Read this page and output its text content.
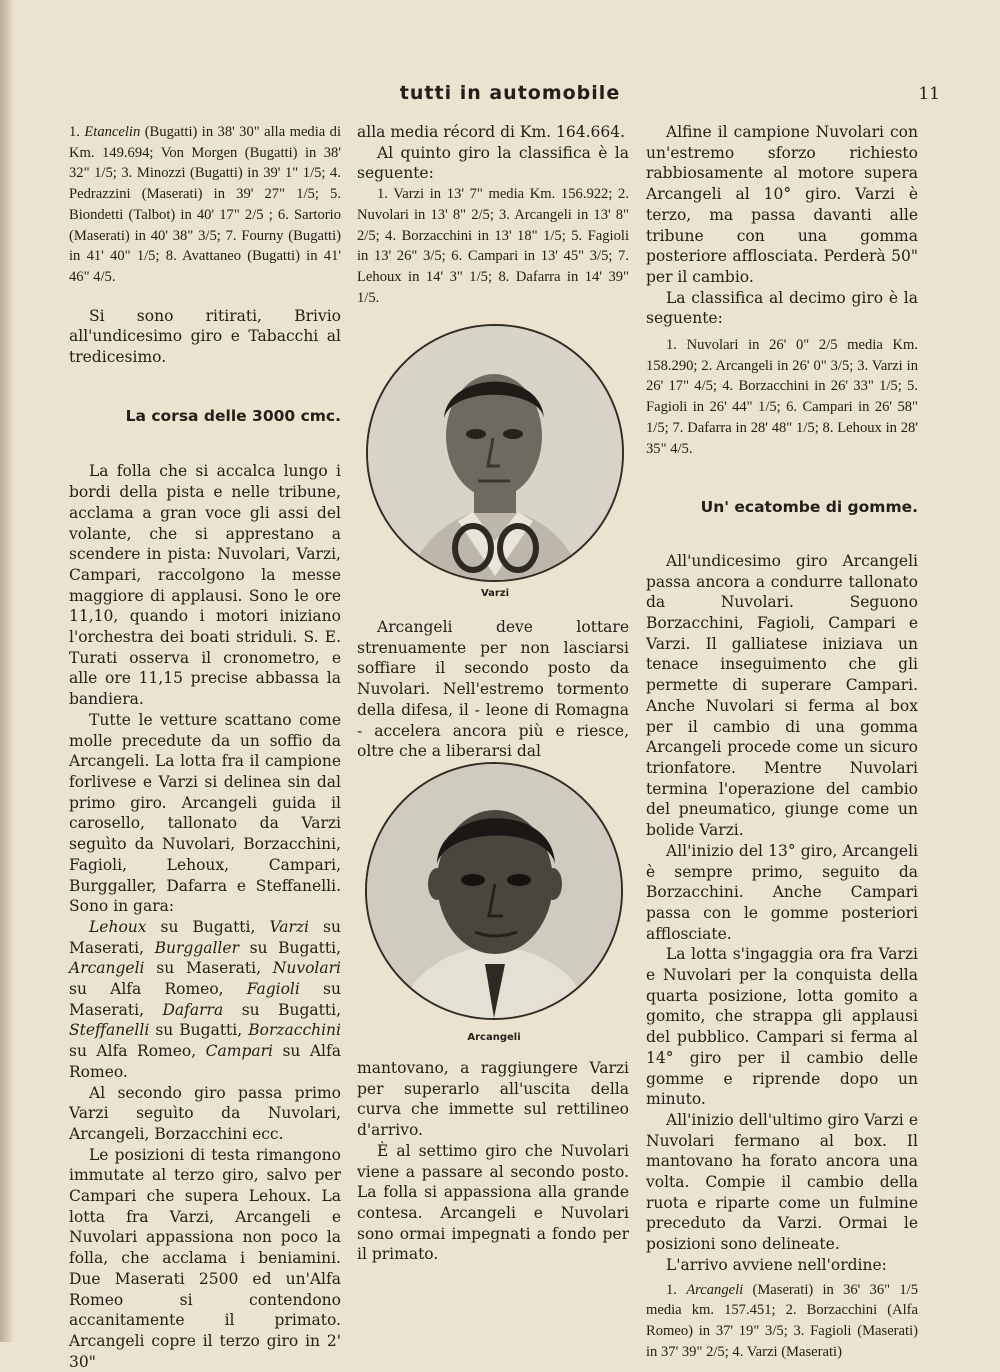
tutti in automobile	11

1. Etancelin (Bugatti) in 38' 30" alla media di Km. 149.694; Von Morgen (Bugatti) in 38' 32" 1/5; 3. Minozzi (Bugatti) in 39' 1" 1/5; 4. Pedrazzini (Maserati) in 39' 27" 1/5; 5. Biondetti (Talbot) in 40' 17" 2/5 ; 6. Sartorio (Maserati) in 40' 38" 3/5; 7. Fourny (Bugatti) in 41' 40" 1/5; 8. Avattaneo (Bugatti) in 41' 46" 4/5.

Si sono ritirati, Brivio all'undicesimo giro e Tabacchi al tredicesimo.

La corsa delle 3000 cmc.

La folla che si accalca lungo i bordi della pista e nelle tribune, acclama a gran voce gli assi del volante, che si apprestano a scendere in pista: Nuvolari, Varzi, Campari, raccolgono la messe maggiore di applausi. Sono le ore 11,10, quando i motori iniziano l'orchestra dei boati striduli. S. E. Turati osserva il cronometro, e alle ore 11,15 precise abbassa la bandiera.

Tutte le vetture scattano come molle precedute da un soffio da Arcangeli. La lotta fra il campione forlivese e Varzi si delinea sin dal primo giro. Arcangeli guida il carosello, tallonato da Varzi seguìto da Nuvolari, Borzacchini, Fagioli, Lehoux, Campari, Burggaller, Dafarra e Steffanelli. Sono in gara:

Lehoux su Bugatti, Varzi su Maserati, Burggaller su Bugatti, Arcangeli su Maserati, Nuvolari su Alfa Romeo, Fagioli su Maserati, Dafarra su Bugatti, Steffanelli su Bugatti, Borzacchini su Alfa Romeo, Campari su Alfa Romeo.

Al secondo giro passa primo Varzi seguìto da Nuvolari, Arcangeli, Borzacchini ecc.

Le posizioni di testa rimangono immutate al terzo giro, salvo per Campari che supera Lehoux. La lotta fra Varzi, Arcangeli e Nuvolari appassiona non poco la folla, che acclama i beniamini. Due Maserati 2500 ed un'Alfa Romeo si contendono accanitamente il primato. Arcangeli copre il terzo giro in 2' 30"

alla media récord di Km. 164.664.

Al quinto giro la classifica è la seguente:

1. Varzi in 13' 7" media Km. 156.922; 2. Nuvolari in 13' 8" 2/5; 3. Arcangeli in 13' 8" 2/5; 4. Borzacchini in 13' 18" 1/5; 5. Fagioli in 13' 26" 3/5; 6. Campari in 13' 45" 3/5; 7. Lehoux in 14' 3" 1/5; 8. Dafarra in 14' 39" 1/5.

Varzi

Arcangeli deve lottare strenuamente per non lasciarsi soffiare il secondo posto da Nuvolari. Nell'estremo tormento della difesa, il - leone di Romagna - accelera ancora più e riesce, oltre che a liberarsi dal

Arcangeli

mantovano, a raggiungere Varzi per superarlo all'uscita della curva che immette sul rettilineo d'arrivo.

È al settimo giro che Nuvolari viene a passare al secondo posto. La folla si appassiona alla grande contesa. Arcangeli e Nuvolari sono ormai impegnati a fondo per il primato.

Alfine il campione Nuvolari con un'estremo sforzo richiesto rabbiosamente al motore supera Arcangeli al 10° giro. Varzi è terzo, ma passa davanti alle tribune con una gomma posteriore afflosciata. Perderà 50" per il cambio.

La classifica al decimo giro è la seguente:

1. Nuvolari in 26' 0" 2/5 media Km. 158.290; 2. Arcangeli in 26' 0" 3/5; 3. Varzi in 26' 17" 4/5; 4. Borzacchini in 26' 33" 1/5; 5. Fagioli in 26' 44" 1/5; 6. Campari in 26' 58" 1/5; 7. Dafarra in 28' 48" 1/5; 8. Lehoux in 28' 35" 4/5.

Un' ecatombe di gomme.

All'undicesimo giro Arcangeli passa ancora a condurre tallonato da Nuvolari. Seguono Borzacchini, Fagioli, Campari e Varzi. Il galliatese iniziava un tenace inseguimento che gli permette di superare Campari. Anche Nuvolari si ferma al box per il cambio di una gomma Arcangeli procede come un sicuro trionfatore. Mentre Nuvolari termina l'operazione del cambio del pneumatico, giunge come un bolide Varzi.

All'inizio del 13° giro, Arcangeli è sempre primo, seguito da Borzacchini. Anche Campari passa con le gomme posteriori afflosciate.

La lotta s'ingaggia ora fra Varzi e Nuvolari per la conquista della quarta posizione, lotta gomito a gomito, che strappa gli applausi del pubblico. Campari si ferma al 14° giro per il cambio delle gomme e riprende dopo un minuto.

All'inizio dell'ultimo giro Varzi e Nuvolari fermano al box. Il mantovano ha forato ancora una volta. Compie il cambio della ruota e riparte come un fulmine preceduto da Varzi. Ormai le posizioni sono delineate.

L'arrivo avviene nell'ordine:

1. Arcangeli (Maserati) in 36' 36" 1/5 media km. 157.451; 2. Borzacchini (Alfa Romeo) in 37' 19" 3/5; 3. Fagioli (Maserati) in 37' 39" 2/5; 4. Varzi (Maserati)
